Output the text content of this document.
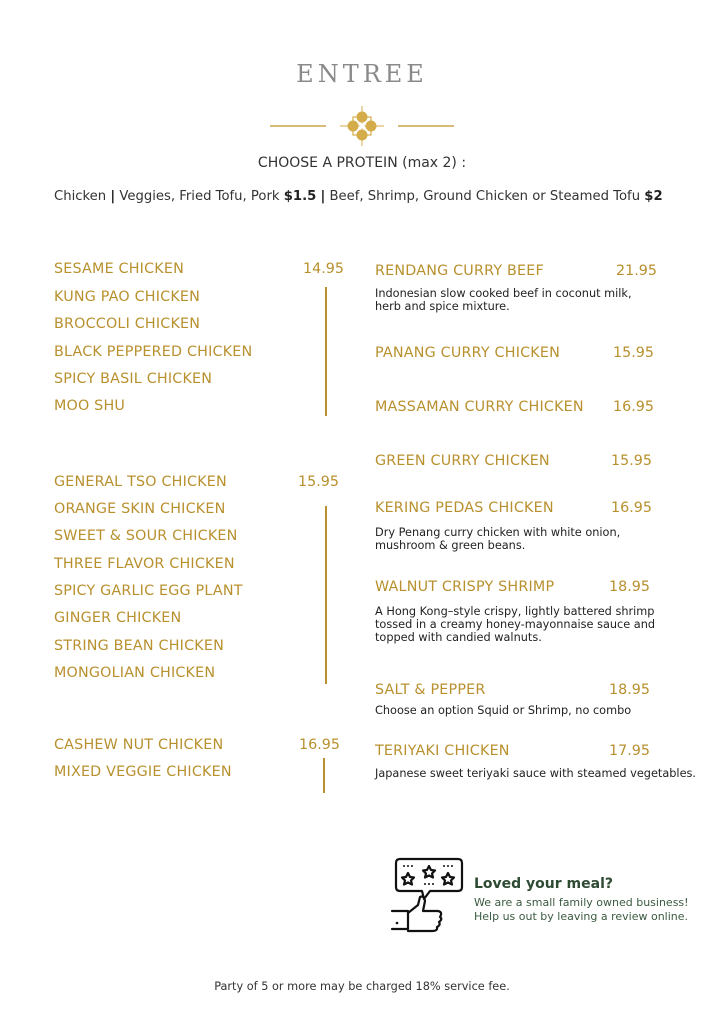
ENTREE
CHOOSE A PROTEIN (max 2) :
Chicken | Veggies, Fried Tofu, Pork $1.5 | Beef, Shrimp, Ground Chicken or Steamed Tofu $2
SESAME CHICKEN	14.95
KUNG PAO CHICKEN
BROCCOLI CHICKEN
BLACK PEPPERED CHICKEN
SPICY BASIL CHICKEN
MOO SHU
GENERAL TSO CHICKEN	15.95
ORANGE SKIN CHICKEN
SWEET & SOUR CHICKEN
THREE FLAVOR CHICKEN
SPICY GARLIC EGG PLANT
GINGER CHICKEN
STRING BEAN CHICKEN
MONGOLIAN CHICKEN
CASHEW NUT CHICKEN	16.95
MIXED VEGGIE CHICKEN
RENDANG CURRY BEEF	21.95
Indonesian slow cooked beef in coconut milk,
herb and spice mixture.
PANANG CURRY CHICKEN	15.95
MASSAMAN CURRY CHICKEN 16.95
GREEN CURRY CHICKEN	15.95
KERING PEDAS CHICKEN	16.95
Dry Penang curry chicken with white onion,
mushroom & green beans.
WALNUT CRISPY SHRIMP	18.95
A Hong Kong–style crispy, lightly battered shrimp
tossed in a creamy honey-mayonnaise sauce and
topped with candied walnuts.
SALT & PEPPER	18.95
Choose an option Squid or Shrimp, no combo
TERIYAKI CHICKEN	17.95
Japanese sweet teriyaki sauce with steamed vegetables.
Loved your meal?
We are a small family owned business!
Help us out by leaving a review online.
Party of 5 or more may be charged 18% service fee.
